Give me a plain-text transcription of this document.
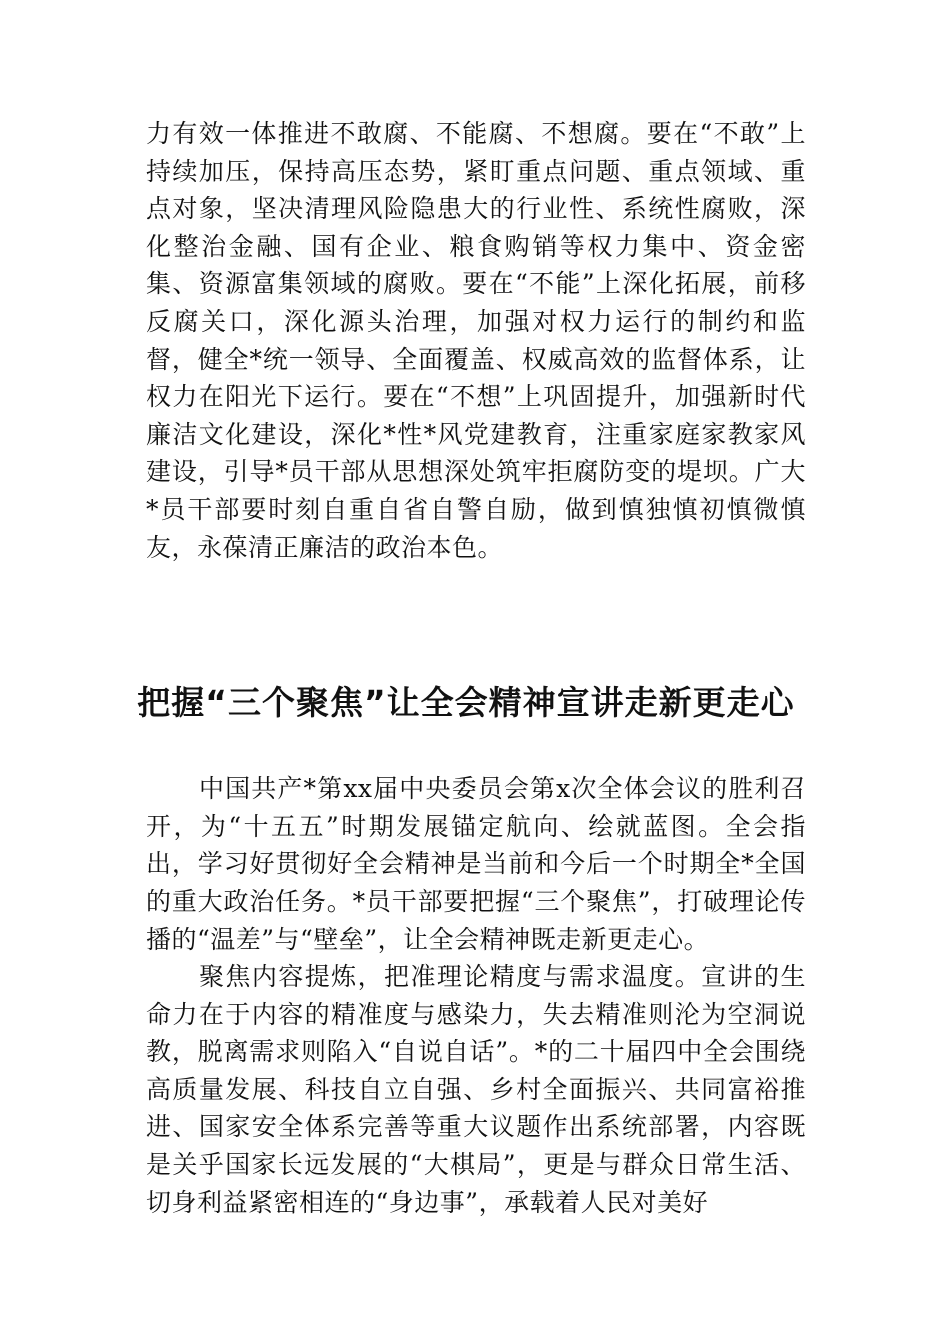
力有效一体推进不敢腐、不能腐、不想腐。要在“不敢”上持续加压，保持高压态势，紧盯重点问题、重点领域、重点对象，坚决清理风险隐患大的行业性、系统性腐败，深化整治金融、国有企业、粮食购销等权力集中、资金密集、资源富集领域的腐败。要在“不能”上深化拓展，前移反腐关口，深化源头治理，加强对权力运行的制约和监督，健全*统一领导、全面覆盖、权威高效的监督体系，让权力在阳光下运行。要在“不想”上巩固提升，加强新时代廉洁文化建设，深化*性*风党建教育，注重家庭家教家风建设，引导*员干部从思想深处筑牢拒腐防变的堤坝。广大*员干部要时刻自重自省自警自励，做到慎独慎初慎微慎友，永葆清正廉洁的政治本色。

把握“三个聚焦”让全会精神宣讲走新更走心

中国共产*第xx届中央委员会第x次全体会议的胜利召开，为“十五五”时期发展锚定航向、绘就蓝图。全会指出，学习好贯彻好全会精神是当前和今后一个时期全*全国的重大政治任务。*员干部要把握“三个聚焦”，打破理论传播的“温差”与“壁垒”，让全会精神既走新更走心。

聚焦内容提炼，把准理论精度与需求温度。宣讲的生命力在于内容的精准度与感染力，失去精准则沦为空洞说教，脱离需求则陷入“自说自话”。*的二十届四中全会围绕高质量发展、科技自立自强、乡村全面振兴、共同富裕推进、国家安全体系完善等重大议题作出系统部署，内容既是关乎国家长远发展的“大棋局”，更是与群众日常生活、切身利益紧密相连的“身边事”，承载着人民对美好
